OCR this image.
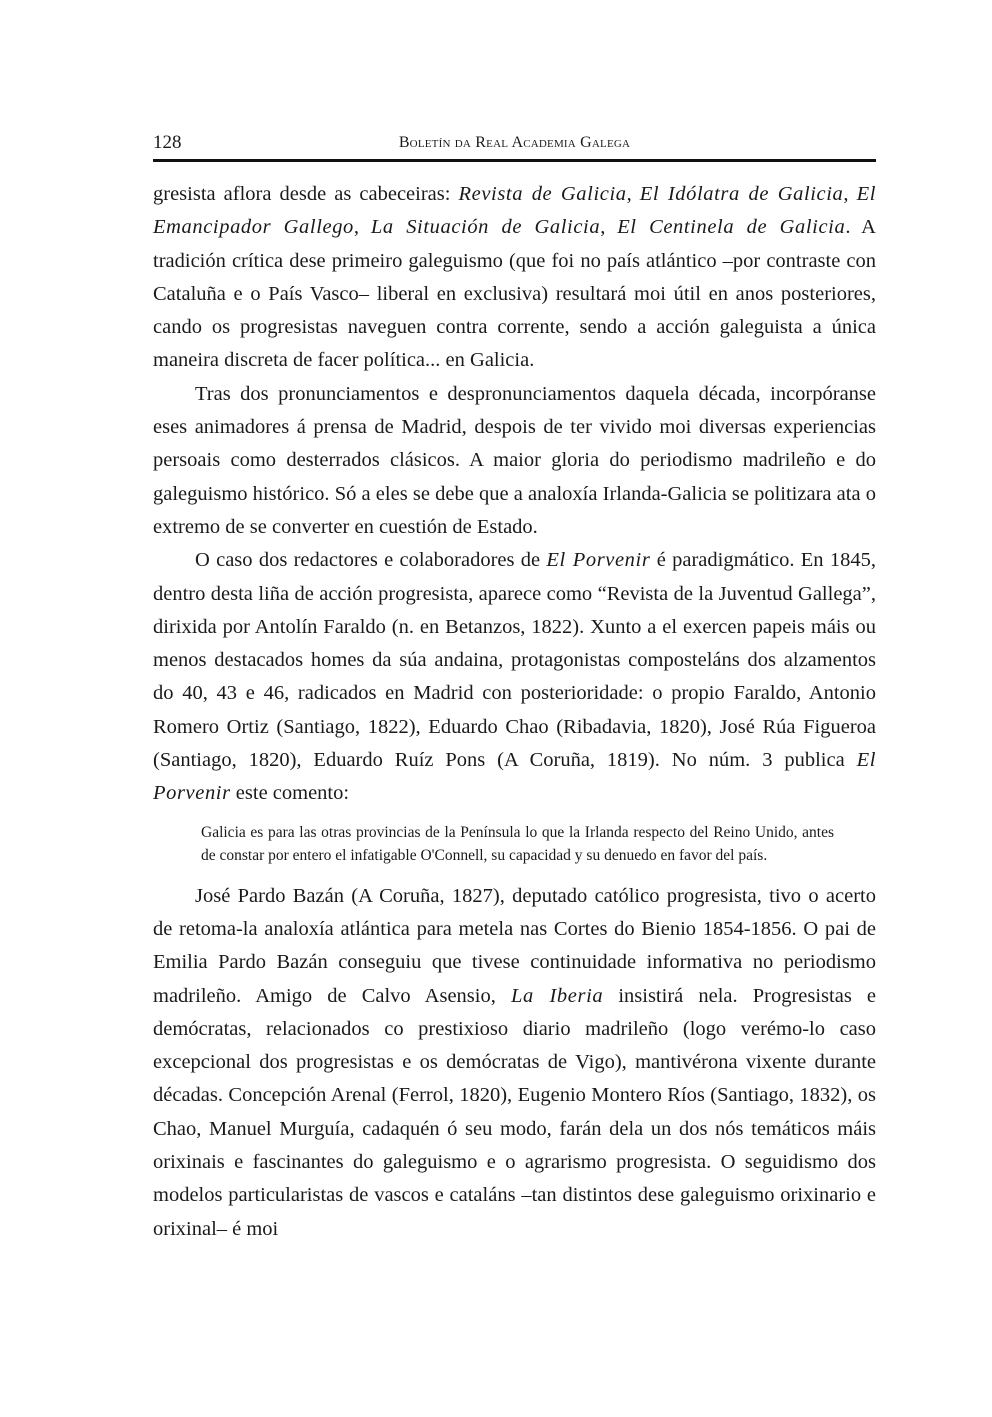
128	Boletín da Real Academia Galega

gresista aflora desde as cabeceiras: Revista de Galicia, El Idólatra de Galicia, El Emancipador Gallego, La Situación de Galicia, El Centinela de Galicia. A tradición crítica dese primeiro galeguismo (que foi no país atlántico –por contraste con Cataluña e o País Vasco– liberal en exclusiva) resultará moi útil en anos posteriores, cando os progresistas naveguen contra corrente, sendo a acción galeguista a única maneira discreta de facer política... en Galicia.

Tras dos pronunciamentos e despronunciamentos daquela década, incorpóranse eses animadores á prensa de Madrid, despois de ter vivido moi diversas experiencias persoais como desterrados clásicos. A maior gloria do periodismo madrileño e do galeguismo histórico. Só a eles se debe que a analoxía Irlanda-Galicia se politizara ata o extremo de se converter en cuestión de Estado.

O caso dos redactores e colaboradores de El Porvenir é paradigmático. En 1845, dentro desta liña de acción progresista, aparece como “Revista de la Juventud Gallega”, dirixida por Antolín Faraldo (n. en Betanzos, 1822). Xunto a el exercen papeis máis ou menos destacados homes da súa andaina, protagonistas composteláns dos alzamentos do 40, 43 e 46, radicados en Madrid con posterioridade: o propio Faraldo, Antonio Romero Ortiz (Santiago, 1822), Eduardo Chao (Ribadavia, 1820), José Rúa Figueroa (Santiago, 1820), Eduardo Ruíz Pons (A Coruña, 1819). No núm. 3 publica El Porvenir este comento:

Galicia es para las otras provincias de la Península lo que la Irlanda respecto del Reino Unido, antes de constar por entero el infatigable O'Connell, su capacidad y su denuedo en favor del país.

José Pardo Bazán (A Coruña, 1827), deputado católico progresista, tivo o acerto de retoma-la analoxía atlántica para metela nas Cortes do Bienio 1854-1856. O pai de Emilia Pardo Bazán conseguiu que tivese continuidade informativa no periodismo madrileño. Amigo de Calvo Asensio, La Iberia insistirá nela. Progresistas e demócratas, relacionados co prestixioso diario madrileño (logo verémo-lo caso excepcional dos progresistas e os demócratas de Vigo), mantivérona vixente durante décadas. Concepción Arenal (Ferrol, 1820), Eugenio Montero Ríos (Santiago, 1832), os Chao, Manuel Murguía, cadaquén ó seu modo, farán dela un dos nós temáticos máis orixinais e fascinantes do galeguismo e o agrarismo progresista. O seguidismo dos modelos particularistas de vascos e cataláns –tan distintos dese galeguismo orixinario e orixinal– é moi
